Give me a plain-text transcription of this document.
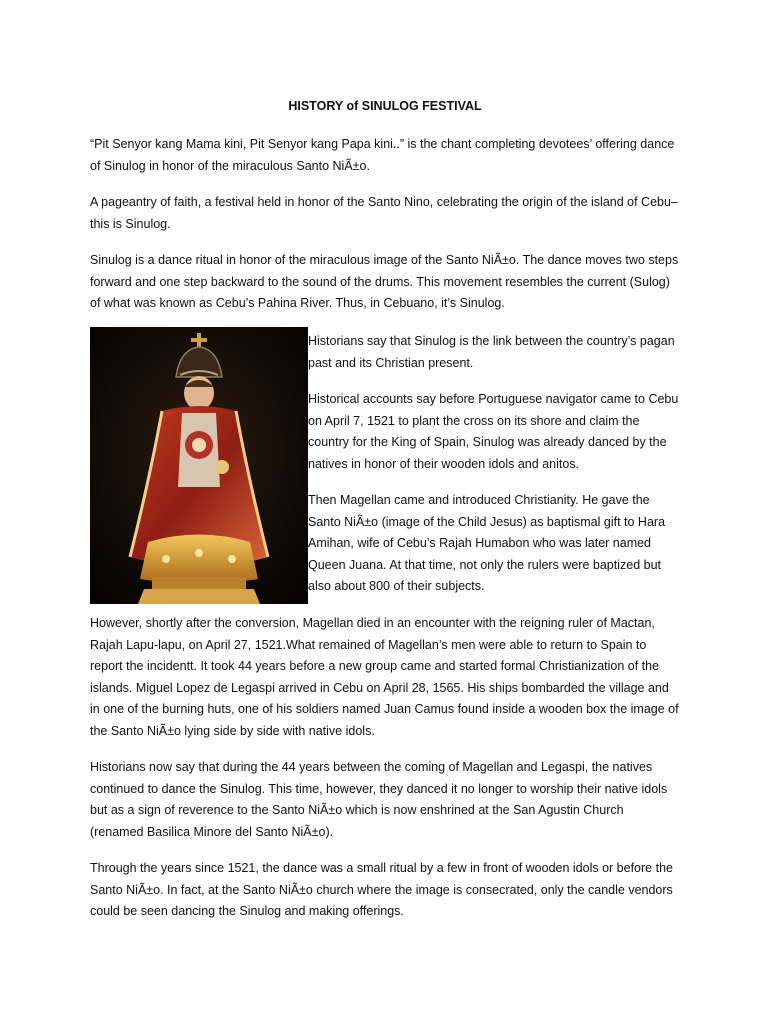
HISTORY of SINULOG FESTIVAL

“Pit Senyor kang Mama kini, Pit Senyor kang Papa kini..” is the chant completing devotees’ offering dance of Sinulog in honor of the miraculous Santo NiÃ±o.

A pageantry of faith, a festival held in honor of the Santo Nino, celebrating the origin of the island of Cebu–this is Sinulog.

Sinulog is a dance ritual in honor of the miraculous image of the Santo NiÃ±o. The dance moves two steps forward and one step backward to the sound of the drums. This movement resembles the current (Sulog) of what was known as Cebu’s Pahina River. Thus, in Cebuano, it’s Sinulog.

Historians say that Sinulog is the link between the country’s pagan past and its Christian present.

Historical accounts say before Portuguese navigator came to Cebu on April 7, 1521 to plant the cross on its shore and claim the country for the King of Spain, Sinulog was already danced by the natives in honor of their wooden idols and anitos.

Then Magellan came and introduced Christianity. He gave the Santo NiÃ±o (image of the Child Jesus) as baptismal gift to Hara Amihan, wife of Cebu’s Rajah Humabon who was later named Queen Juana. At that time, not only the rulers were baptized but also about 800 of their subjects.

However, shortly after the conversion, Magellan died in an encounter with the reigning ruler of Mactan, Rajah Lapu-lapu, on April 27, 1521.What remained of Magellan’s men were able to return to Spain to report the incidentt. It took 44 years before a new group came and started formal Christianization of the islands. Miguel Lopez de Legaspi arrived in Cebu on April 28, 1565. His ships bombarded the village and in one of the burning huts, one of his soldiers named Juan Camus found inside a wooden box the image of the Santo NiÃ±o lying side by side with native idols.

Historians now say that during the 44 years between the coming of Magellan and Legaspi, the natives continued to dance the Sinulog. This time, however, they danced it no longer to worship their native idols but as a sign of reverence to the Santo NiÃ±o which is now enshrined at the San Agustin Church (renamed Basilica Minore del Santo NiÃ±o).

Through the years since 1521, the dance was a small ritual by a few in front of wooden idols or before the Santo NiÃ±o. In fact, at the Santo NiÃ±o church where the image is consecrated, only the candle vendors could be seen dancing the Sinulog and making offerings.
